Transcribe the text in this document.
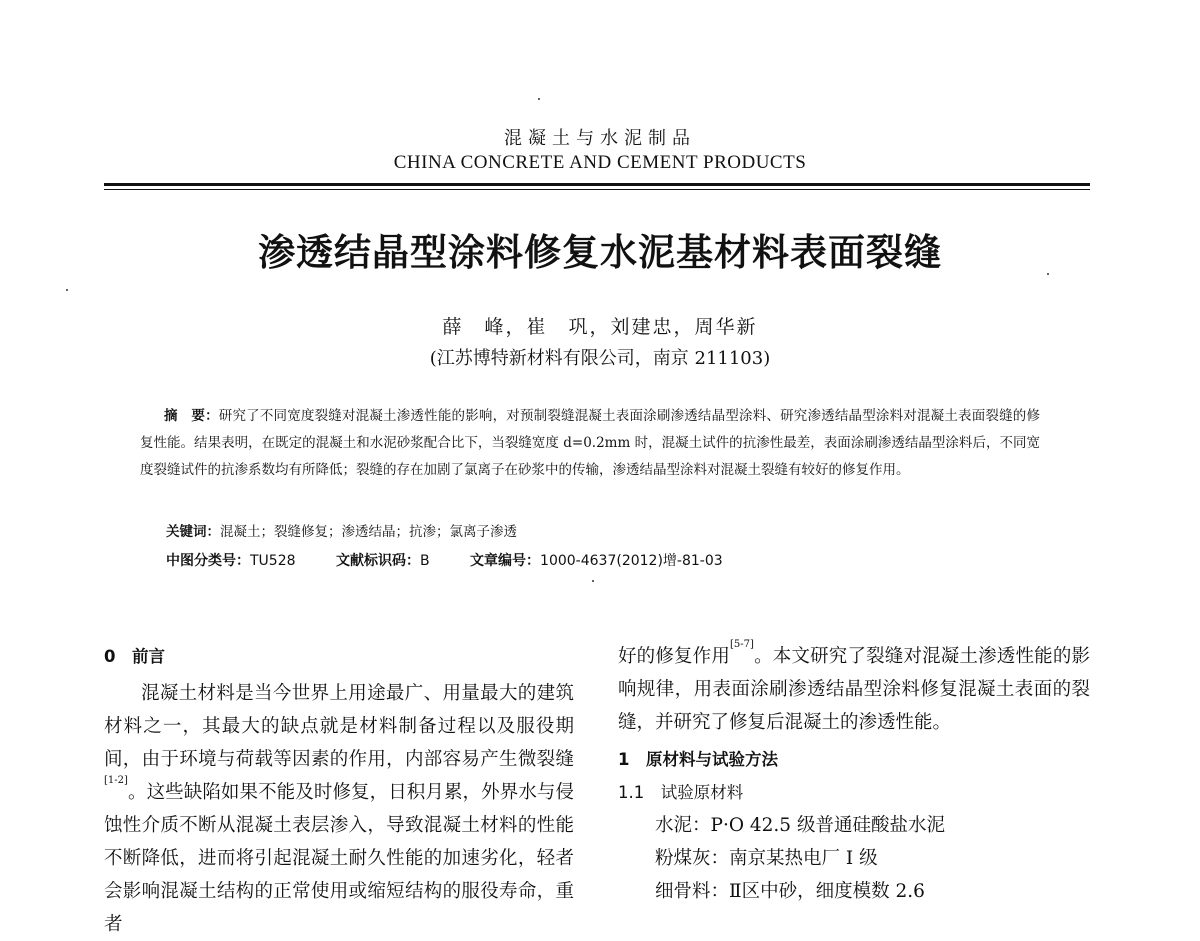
混凝土与水泥制品
CHINA CONCRETE AND CEMENT PRODUCTS
渗透结晶型涂料修复水泥基材料表面裂缝
薛　峰，崔　巩，刘建忠，周华新
(江苏博特新材料有限公司，南京 211103)
摘　要：研究了不同宽度裂缝对混凝土渗透性能的影响，对预制裂缝混凝土表面涂刷渗透结晶型涂料、研究渗透结晶型涂料对混凝土表面裂缝的修复性能。结果表明，在既定的混凝土和水泥砂浆配合比下，当裂缝宽度 d=0.2mm 时，混凝土试件的抗渗性最差，表面涂刷渗透结晶型涂料后，不同宽度裂缝试件的抗渗系数均有所降低；裂缝的存在加剧了氯离子在砂浆中的传输，渗透结晶型涂料对混凝土裂缝有较好的修复作用。
关键词：混凝土；裂缝修复；渗透结晶；抗渗；氯离子渗透
中图分类号：TU528	文献标识码：B	文章编号：1000-4637(2012)增-81-03
0　前言

混凝土材料是当今世界上用途最广、用量最大的建筑材料之一，其最大的缺点就是材料制备过程以及服役期间，由于环境与荷载等因素的作用，内部容易产生微裂缝 [1-2]。这些缺陷如果不能及时修复，日积月累，外界水与侵蚀性介质不断从混凝土表层渗入，导致混凝土材料的性能不断降低，进而将引起混凝土耐久性能的加速劣化，轻者会影响混凝土结构的正常使用或缩短结构的服役寿命，重者

好的修复作用[5-7]。本文研究了裂缝对混凝土渗透性能的影响规律，用表面涂刷渗透结晶型涂料修复混凝土表面的裂缝，并研究了修复后混凝土的渗透性能。

1　原材料与试验方法
1.1　试验原材料

水泥：P·O 42.5 级普通硅酸盐水泥

粉煤灰：南京某热电厂 Ⅰ 级

细骨料：Ⅱ区中砂，细度模数 2.6
